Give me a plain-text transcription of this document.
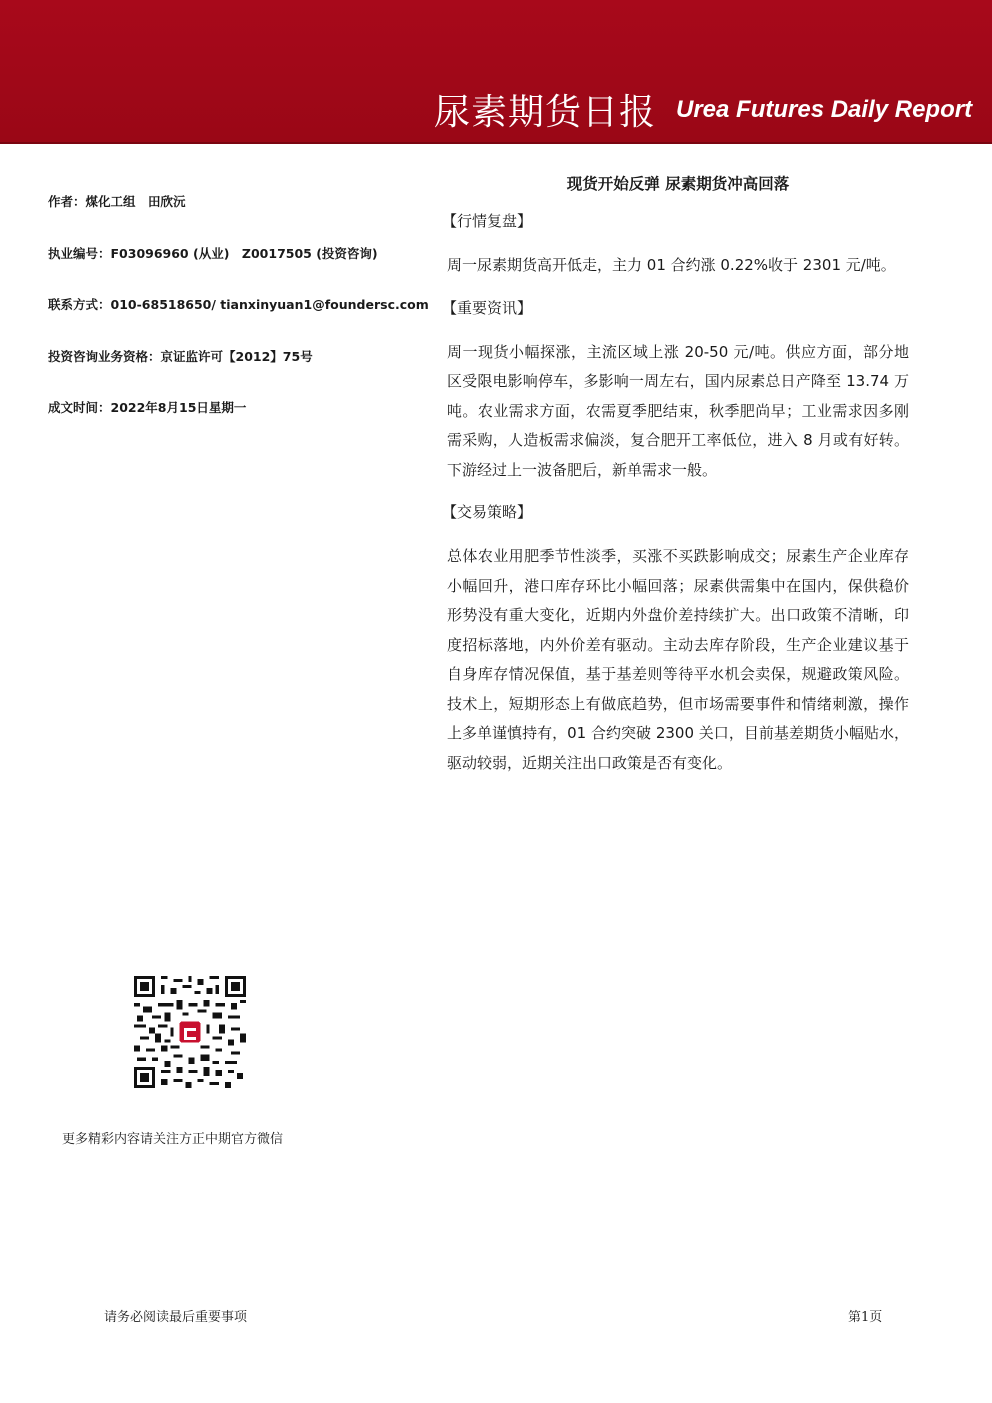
尿素期货日报 Urea Futures Daily Report
作者：煤化工组　田欣沅
执业编号：F03096960 (从业)　Z0017505 (投资咨询)
联系方式：010-68518650/ tianxinyuan1@foundersc.com
投资咨询业务资格：京证监许可【2012】75号
成文时间：2022年8月15日星期一
现货开始反弹 尿素期货冲高回落
【行情复盘】

周一尿素期货高开低走，主力 01 合约涨 0.22%收于 2301 元/吨。

【重要资讯】

周一现货小幅探涨，主流区域上涨 20-50 元/吨。供应方面，部分地区受限电影响停车，多影响一周左右，国内尿素总日产降至 13.74 万吨。农业需求方面，农需夏季肥结束，秋季肥尚早；工业需求因多刚需采购，人造板需求偏淡，复合肥开工率低位，进入 8 月或有好转。下游经过上一波备肥后，新单需求一般。

【交易策略】

总体农业用肥季节性淡季，买涨不买跌影响成交；尿素生产企业库存小幅回升，港口库存环比小幅回落；尿素供需集中在国内，保供稳价形势没有重大变化，近期内外盘价差持续扩大。出口政策不清晰，印度招标落地，内外价差有驱动。主动去库存阶段，生产企业建议基于自身库存情况保值，基于基差则等待平水机会卖保，规避政策风险。技术上，短期形态上有做底趋势，但市场需要事件和情绪刺激，操作上多单谨慎持有，01 合约突破 2300 关口，目前基差期货小幅贴水，驱动较弱，近期关注出口政策是否有变化。

更多精彩内容请关注方正中期官方微信
请务必阅读最后重要事项	第1页
